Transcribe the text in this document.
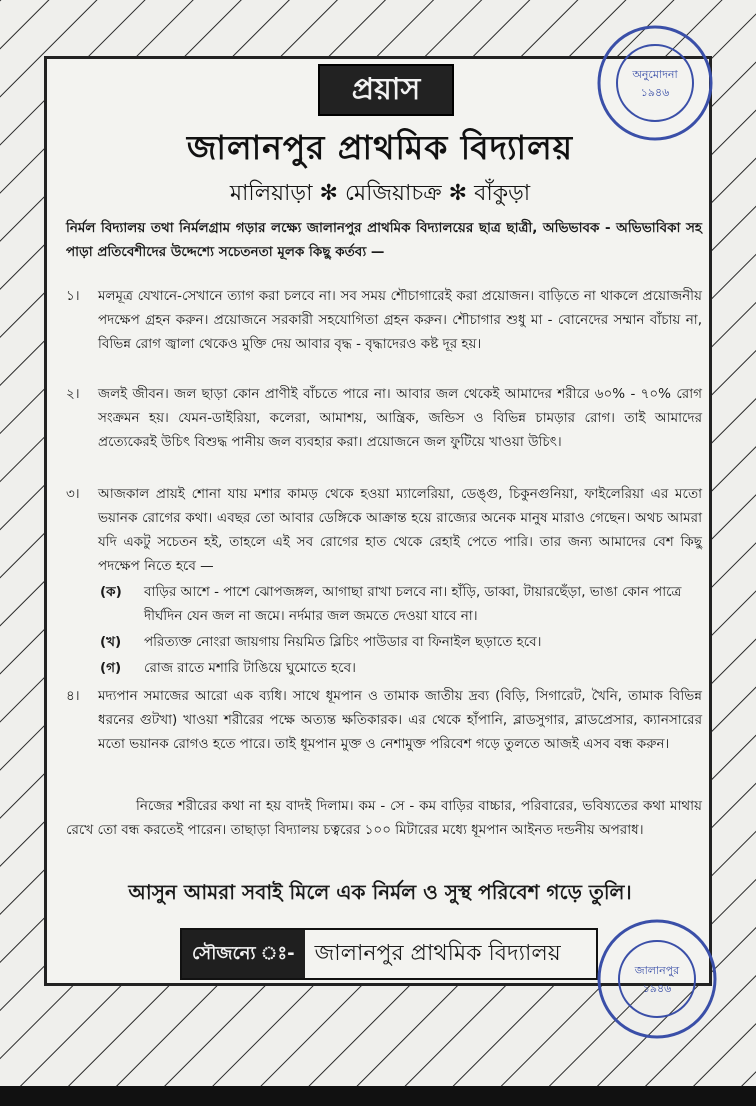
প্রয়াস
জালানপুর প্রাথমিক বিদ্যালয়
মালিয়াড়া ✻ মেজিয়াচক্র ✻ বাঁকুড়া
নির্মল বিদ্যালয় তথা নির্মলগ্রাম গড়ার লক্ষ্যে জালানপুর প্রাথমিক বিদ্যালয়ের ছাত্র ছাত্রী, অভিভাবক - অভিভাবিকা সহ পাড়া প্রতিবেশীদের উদ্দেশ্যে সচেতনতা মূলক কিছু কর্তব্য —
১।	মলমূত্র যেখানে-সেখানে ত্যাগ করা চলবে না। সব সময় শৌচাগারেই করা প্রয়োজন। বাড়িতে না থাকলে প্রয়োজনীয় পদক্ষেপ গ্রহন করুন। প্রয়োজনে সরকারী সহযোগিতা গ্রহন করুন। শৌচাগার শুধু মা - বোনেদের সম্মান বাঁচায় না, বিভিন্ন রোগ জ্বালা থেকেও মুক্তি দেয় আবার বৃদ্ধ - বৃদ্ধাদেরও কষ্ট দূর হয়।
২।	জলই জীবন। জল ছাড়া কোন প্রাণীই বাঁচতে পারে না। আবার জল থেকেই আমাদের শরীরে ৬০% - ৭০% রোগ সংক্রমন হয়। যেমন-ডাইরিয়া, কলেরা, আমাশয়, আন্ত্রিক, জন্ডিস ও বিভিন্ন চামড়ার রোগ। তাই আমাদের প্রত্যেকেরই উচিৎ বিশুদ্ধ পানীয় জল ব্যবহার করা। প্রয়োজনে জল ফুটিয়ে খাওয়া উচিৎ।
৩।	আজকাল প্রায়ই শোনা যায় মশার কামড় থেকে হওয়া ম্যালেরিয়া, ডেঙ্গু, চিকুনগুনিয়া, ফাইলেরিয়া এর মতো ভয়ানক রোগের কথা। এবছর তো আবার ডেঙ্গিকে আক্রান্ত হয়ে রাজ্যের অনেক মানুষ মারাও গেছেন। অথচ আমরা যদি একটু সচেতন হই, তাহলে এই সব রোগের হাত থেকে রেহাই পেতে পারি। তার জন্য আমাদের বেশ কিছু পদক্ষেপ নিতে হবে —
(ক)	বাড়ির আশে - পাশে ঝোপজঙ্গল, আগাছা রাখা চলবে না। হাঁড়ি, ডাব্বা, টায়ারছেঁড়া, ভাঙা কোন পাত্রে দীর্ঘদিন যেন জল না জমে। নর্দমার জল জমতে দেওয়া যাবে না।
(খ)	পরিত্যক্ত নোংরা জায়গায় নিয়মিত ব্লিচিং পাউডার বা ফিনাইল ছড়াতে হবে।
(গ)	রোজ রাতে মশারি টাঙিয়ে ঘুমোতে হবে।
৪।	মদ্যপান সমাজের আরো এক ব্যধি। সাথে ধূমপান ও তামাক জাতীয় দ্রব্য (বিড়ি, সিগারেট, খৈনি, তামাক বিভিন্ন ধরনের গুটখা) খাওয়া শরীরের পক্ষে অত্যন্ত ক্ষতিকারক। এর থেকে হাঁপানি, ব্লাডসুগার, ব্লাডপ্রেসার, ক্যানসারের মতো ভয়ানক রোগও হতে পারে। তাই ধূমপান মুক্ত ও নেশামুক্ত পরিবেশ গড়ে তুলতে আজই এসব বন্ধ করুন।
নিজের শরীরের কথা না হয় বাদই দিলাম। কম - সে - কম বাড়ির বাচ্চার, পরিবারের, ভবিষ্যতের কথা মাথায় রেখে তো বন্ধ করতেই পারেন। তাছাড়া বিদ্যালয় চত্বরের ১০০ মিটারের মধ্যে ধূমপান আইনত দন্ডনীয় অপরাধ।
আসুন আমরা সবাই মিলে এক নির্মল ও সুস্থ পরিবেশ গড়ে তুলি।
সৌজন্যে ঃ- জালানপুর প্রাথমিক বিদ্যালয়
অনুমোদনা
১৯৪৬
জালানপুর
১৯৪৬
